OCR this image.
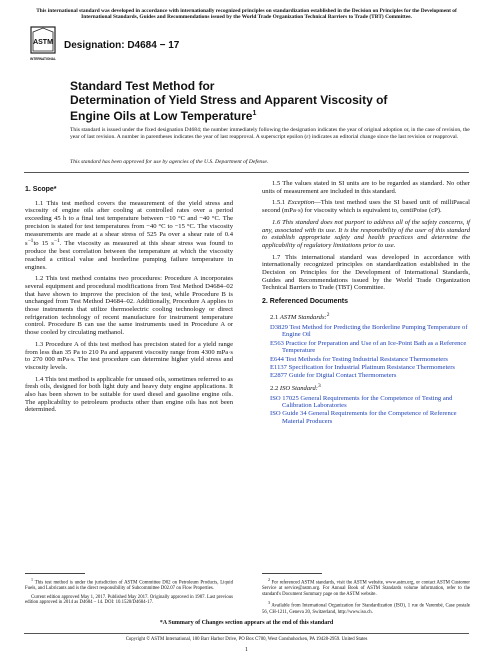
This international standard was developed in accordance with internationally recognized principles on standardization established in the Decision on Principles for the Development of International Standards, Guides and Recommendations issued by the World Trade Organization Technical Barriers to Trade (TBT) Committee.
ASTM
INTERNATIONAL
Designation: D4684 − 17
Standard Test Method for
Determination of Yield Stress and Apparent Viscosity of
Engine Oils at Low Temperature$^1$
This standard is issued under the fixed designation D4684; the number immediately following the designation indicates the year of original adoption or, in the case of revision, the year of last revision. A number in parentheses indicates the year of last reapproval. A superscript epsilon (ε) indicates an editorial change since the last revision or reapproval.
This standard has been approved for use by agencies of the U.S. Department of Defense.
1. Scope*

1.1 This test method covers the measurement of the yield stress and viscosity of engine oils after cooling at controlled rates over a period exceeding 45 h to a final test temperature between −10 °C and −40 °C. The precision is stated for test temperatures from −40 °C to −15 °C. The viscosity measurements are made at a shear stress of 525 Pa over a shear rate of 0.4 $s^{-1}to$ 15 $s^{-1}$. The viscosity as measured at this shear stress was found to produce the best correlation between the temperature at which the viscosity reached a critical value and borderline pumping failure temperature in engines.

1.2 This test method contains two procedures: Procedure A incorporates several equipment and procedural modifications from Test Method D4684–02 that have shown to improve the precision of the test, while Procedure B is unchanged from Test Method D4684–02. Additionally, Procedure A applies to those instruments that utilize thermoelectric cooling technology or direct refrigeration technology of recent manufacture for instrument temperature control. Procedure B can use the same instruments used in Procedure A or those cooled by circulating methanol.

1.3 Procedure A of this test method has precision stated for a yield range from less than 35 Pa to 210 Pa and apparent viscosity range from 4300 mPa·s to 270 000 mPa·s. The test procedure can determine higher yield stress and viscosity levels.

1.4 This test method is applicable for unused oils, sometimes referred to as fresh oils, designed for both light duty and heavy duty engine applications. It also has been shown to be suitable for used diesel and gasoline engine oils. The applicability to petroleum products other than engine oils has not been determined.

1.5 The values stated in SI units are to be regarded as standard. No other units of measurement are included in this standard.

1.5.1 Exception—This test method uses the SI based unit of milliPascal second (mPa·s) for viscosity which is equivalent to, centiPoise (cP).

1.6 This standard does not purport to address all of the safety concerns, if any, associated with its use. It is the responsibility of the user of this standard to establish appropriate safety and health practices and determine the applicability of regulatory limitations prior to use.

1.7 This international standard was developed in accordance with internationally recognized principles on standardization established in the Decision on Principles for the Development of International Standards, Guides and Recommendations issued by the World Trade Organization Technical Barriers to Trade (TBT) Committee.

2. Referenced Documents
2.1 ASTM Standards:$^2$
D3829 Test Method for Predicting the Borderline Pumping Temperature of Engine Oil
E563 Practice for Preparation and Use of an Ice-Point Bath as a Reference Temperature
E644 Test Methods for Testing Industrial Resistance Thermometers
E1137 Specification for Industrial Platinum Resistance Thermometers
E2877 Guide for Digital Contact Thermometers
2.2 ISO Standard:$^3$
ISO 17025 General Requirements for the Competence of Testing and Calibration Laboratories
ISO Guide 34 General Requirements for the Competence of Reference Material Producers

$^1$ This test method is under the jurisdiction of ASTM Committee D02 on Petroleum Products, Liquid Fuels, and Lubricants and is the direct responsibility of Subcommittee D02.07 on Flow Properties.

Current edition approved May 1, 2017. Published May 2017. Originally approved in 1987. Last previous edition approved in 2014 as D4684 – 14. DOI: 10.1520/D4684-17.

$^2$ For referenced ASTM standards, visit the ASTM website, www.astm.org, or contact ASTM Customer Service at service@astm.org. For Annual Book of ASTM Standards volume information, refer to the standard's Document Summary page on the ASTM website.

$^3$ Available from International Organization for Standardization (ISO), 1 rue de Varembé, Case postale 56, CH-1211, Geneva 20, Switzerland, http://www.iso.ch.

*A Summary of Changes section appears at the end of this standard
Copyright © ASTM International, 100 Barr Harbor Drive, PO Box C700, West Conshohocken, PA 19428-2959. United States
1
